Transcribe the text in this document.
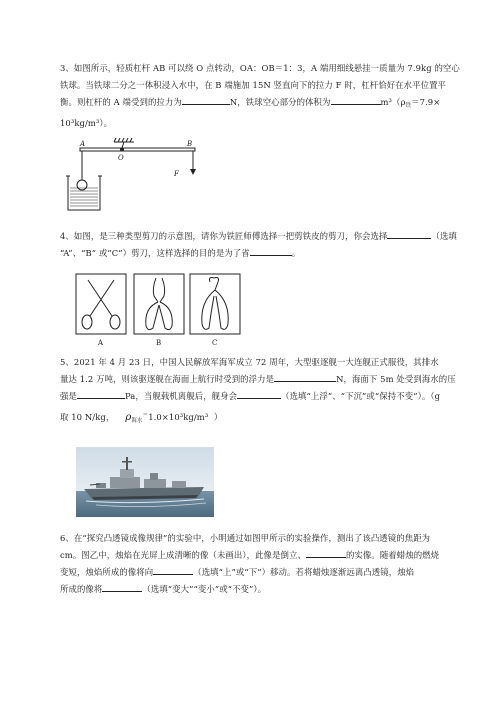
3、如图所示，轻质杠杆 AB 可以绕 O 点转动，OA：OB＝1：3，A 端用细线悬挂一质量为 7.9kg 的空心

铁球。当铁球二分之一体积浸入水中，在 B 端施加 15N 竖直向下的拉力 F 时，杠杆恰好在水平位置平

衡。则杠杆的 A 端受到的拉力为	N，铁球空心部分的体积为	$m^3(\rho_铁=7.9\times$

10³kg/m³）。

A
O
B
F

4、如图，是三种类型剪刀的示意图，请你为铁匠师傅选择一把剪铁皮的剪刀，你会选择	（选填

“A”、“B” 或“C”）剪刀，这样选择的目的是为了省	。

A	B	C

5、2021 年 4 月 23 日，中国人民解放军海军成立 72 周年，大型驱逐舰一大连舰正式服役，其排水

量达 1.2 万吨，则该驱逐舰在海面上航行时受到的浮力是	N，海面下 5m 处受到海水的压

强是	Pa，当舰载机离舰后，舰身会	（选填“上浮”、“下沉”或“保持不变”）。（g

取 10 N/kg， $\rho_{海水}^=1.0\times 10^3kg/m^3$ ）

6、在“探究凸透镜成像规律”的实验中，小明通过如图甲所示的实验操作，测出了该凸透镜的焦距为

cm。图乙中，烛焰在光屏上成清晰的像（未画出），此像是倒立、	的实像。随着蜡烛的燃烧

变短，烛焰所成的像将向	（选填“上”或“下”）移动。若将蜡烛逐渐远离凸透镜，烛焰

所成的像将	（选填“变大”“变小”或“不变”）。
